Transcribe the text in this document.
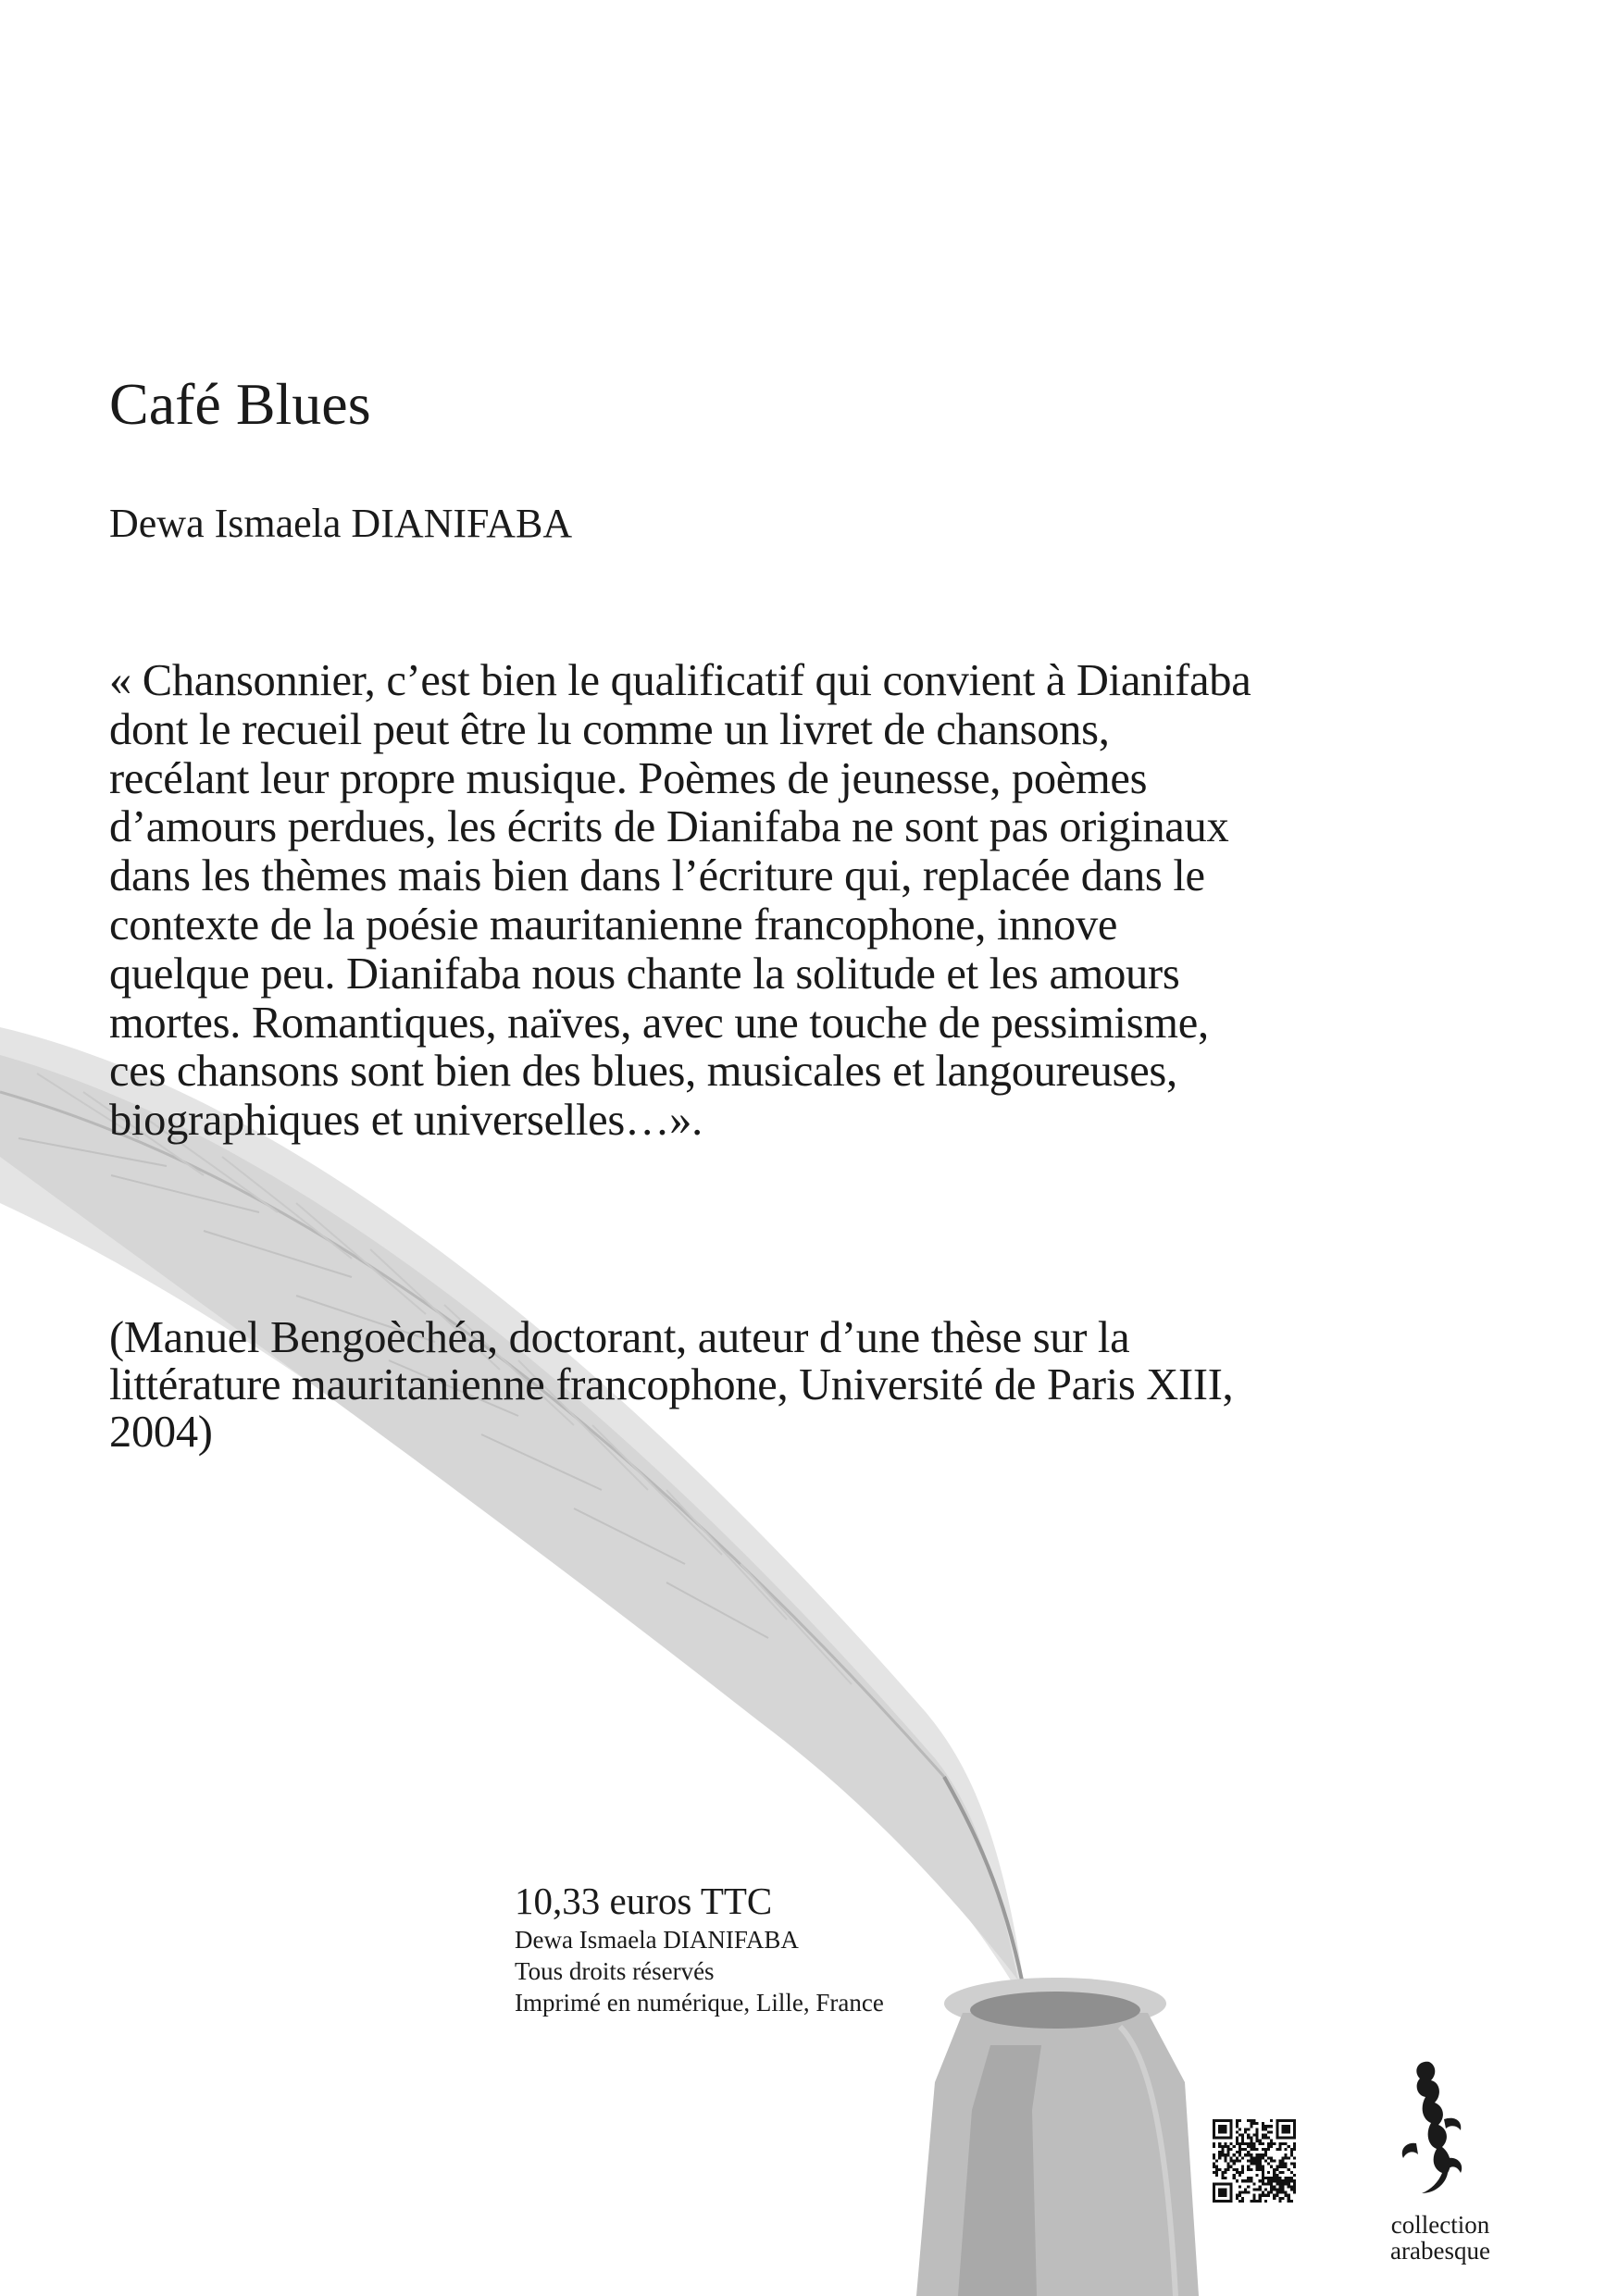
Café Blues
Dewa Ismaela DIANIFABA

« Chansonnier, c’est bien le qualificatif qui convient à Dianifaba dont le recueil peut être lu comme un livret de chansons, recélant leur propre musique. Poèmes de jeunesse, poèmes d’amours perdues, les écrits de Dianifaba ne sont pas originaux dans les thèmes mais bien dans l’écriture qui, replacée dans le contexte de la poésie mauritanienne francophone, innove quelque peu. Dianifaba nous chante la solitude et les amours mortes. Romantiques, naïves, avec une touche de pessimisme, ces chansons sont bien des blues, musicales et langoureuses, biographiques et universelles…».

(Manuel Bengoèchéa, doctorant, auteur d’une thèse sur la littérature mauritanienne francophone, Université de Paris XIII, 2004)

10,33 euros TTC

Dewa Ismaela DIANIFABA

Tous droits réservés

Imprimé en numérique, Lille, France

collection

arabesque
